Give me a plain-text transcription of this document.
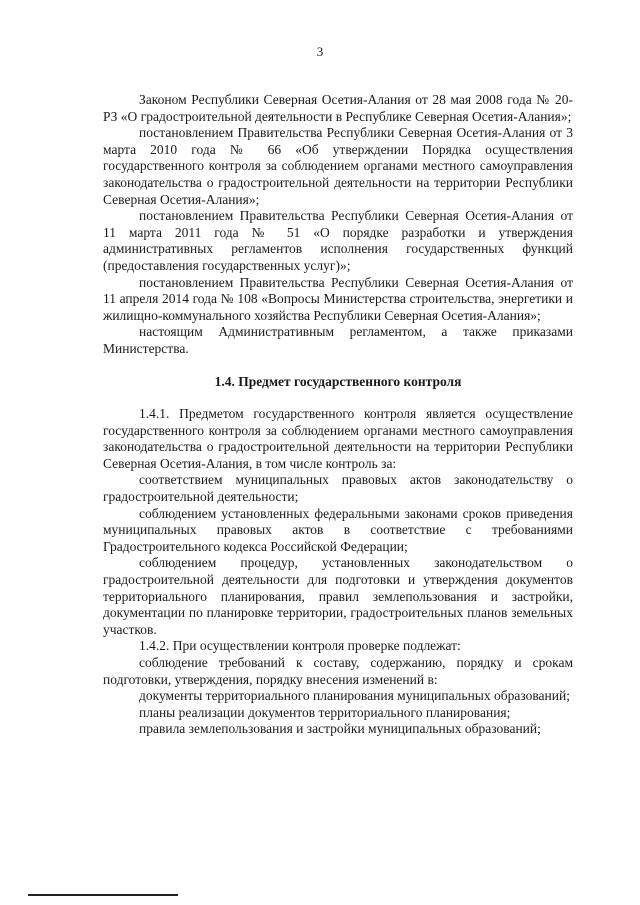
3

Законом Республики Северная Осетия-Алания от 28 мая 2008 года № 20-РЗ «О градостроительной деятельности в Республике Северная Осетия-Алания»;

постановлением Правительства Республики Северная Осетия-Алания от 3 марта 2010 года № 66 «Об утверждении Порядка осуществления государственного контроля за соблюдением органами местного самоуправления законодательства о градостроительной деятельности на территории Республики Северная Осетия-Алания»;

постановлением Правительства Республики Северная Осетия-Алания от 11 марта 2011 года № 51 «О порядке разработки и утверждения административных регламентов исполнения государственных функций (предоставления государственных услуг)»;

постановлением Правительства Республики Северная Осетия-Алания от 11 апреля 2014 года № 108 «Вопросы Министерства строительства, энергетики и жилищно-коммунального хозяйства Республики Северная Осетия-Алания»;

настоящим Административным регламентом, а также приказами Министерства.

1.4. Предмет государственного контроля

1.4.1. Предметом государственного контроля является осуществление государственного контроля за соблюдением органами местного самоуправления законодательства о градостроительной деятельности на территории Республики Северная Осетия-Алания, в том числе контроль за:

соответствием муниципальных правовых актов законодательству о градостроительной деятельности;

соблюдением установленных федеральными законами сроков приведения муниципальных правовых актов в соответствие с требованиями Градостроительного кодекса Российской Федерации;

соблюдением процедур, установленных законодательством о градостроительной деятельности для подготовки и утверждения документов территориального планирования, правил землепользования и застройки, документации по планировке территории, градостроительных планов земельных участков.

1.4.2. При осуществлении контроля проверке подлежат:

соблюдение требований к составу, содержанию, порядку и срокам подготовки, утверждения, порядку внесения изменений в:

документы территориального планирования муниципальных образований;

планы реализации документов территориального планирования;

правила землепользования и застройки муниципальных образований;
